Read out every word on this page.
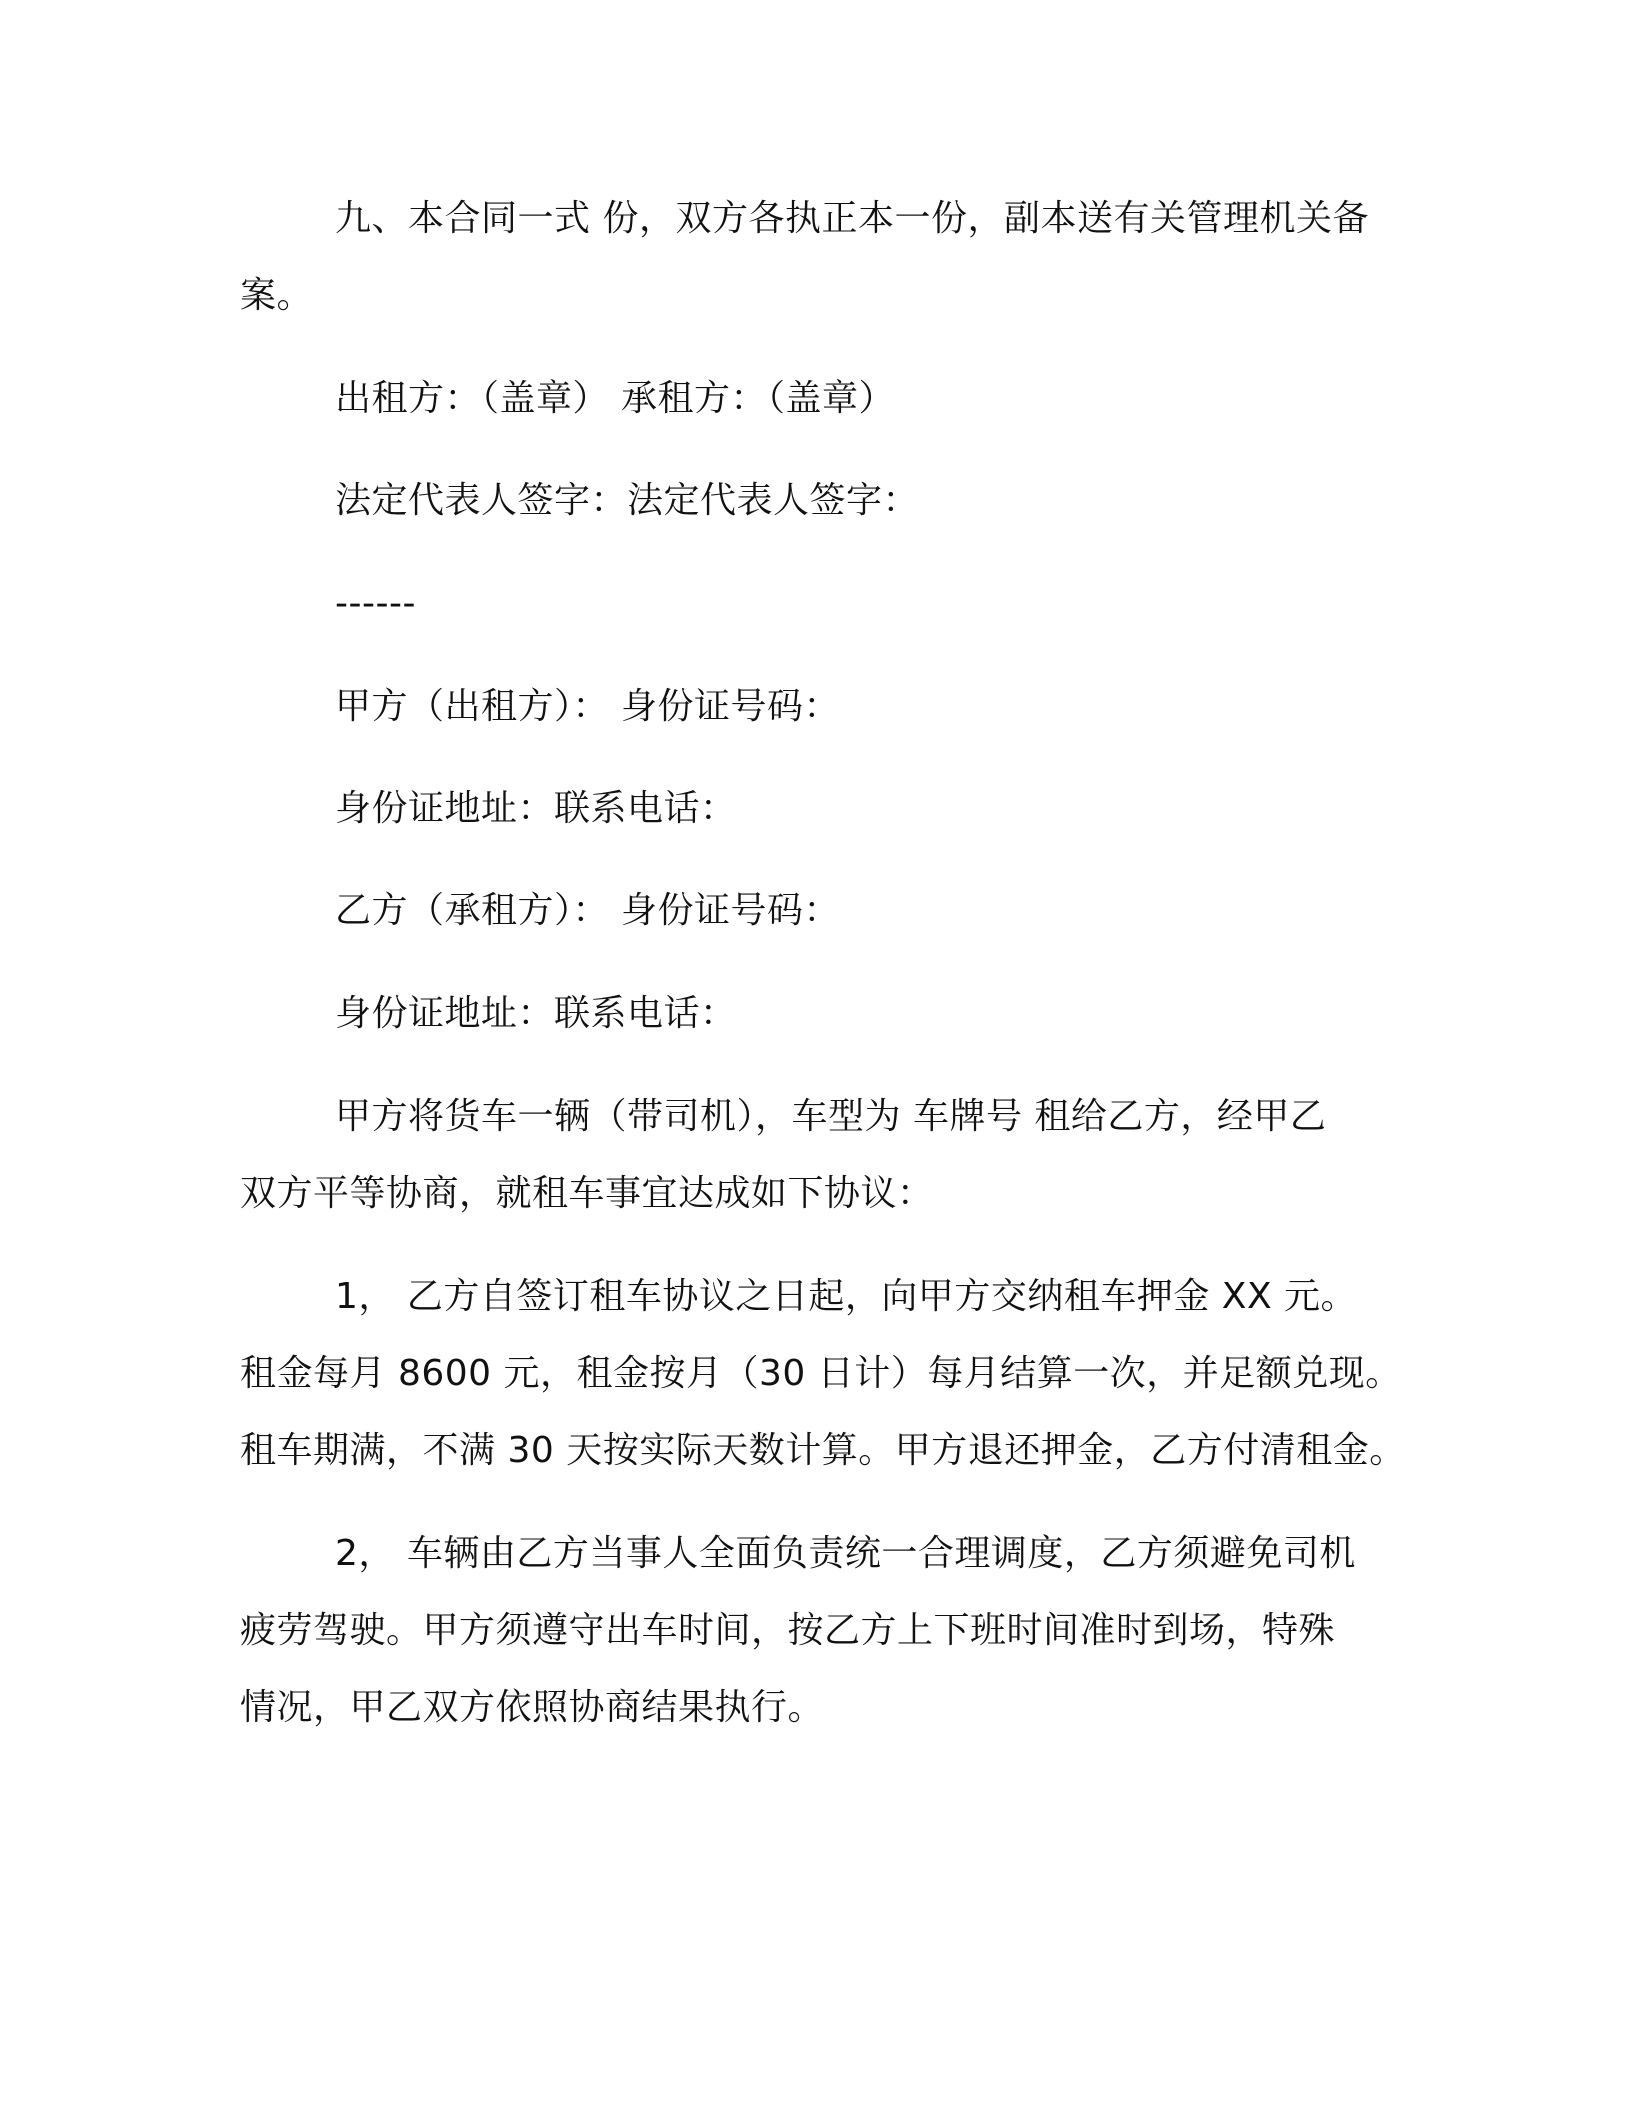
九、本合同一式 份，双方各执正本一份，副本送有关管理机关备
案。
出租方：（盖章） 承租方：（盖章）
法定代表人签字：法定代表人签字：
------
甲方（出租方）： 身份证号码：
身份证地址：联系电话：
乙方（承租方）： 身份证号码：
身份证地址：联系电话：
甲方将货车一辆（带司机），车型为 车牌号 租给乙方，经甲乙
双方平等协商，就租车事宜达成如下协议：
1， 乙方自签订租车协议之日起，向甲方交纳租车押金 XX 元。
租金每月 8600 元，租金按月（30 日计）每月结算一次，并足额兑现。
租车期满，不满 30 天按实际天数计算。甲方退还押金，乙方付清租金。
2， 车辆由乙方当事人全面负责统一合理调度，乙方须避免司机
疲劳驾驶。甲方须遵守出车时间，按乙方上下班时间准时到场，特殊
情况，甲乙双方依照协商结果执行。
